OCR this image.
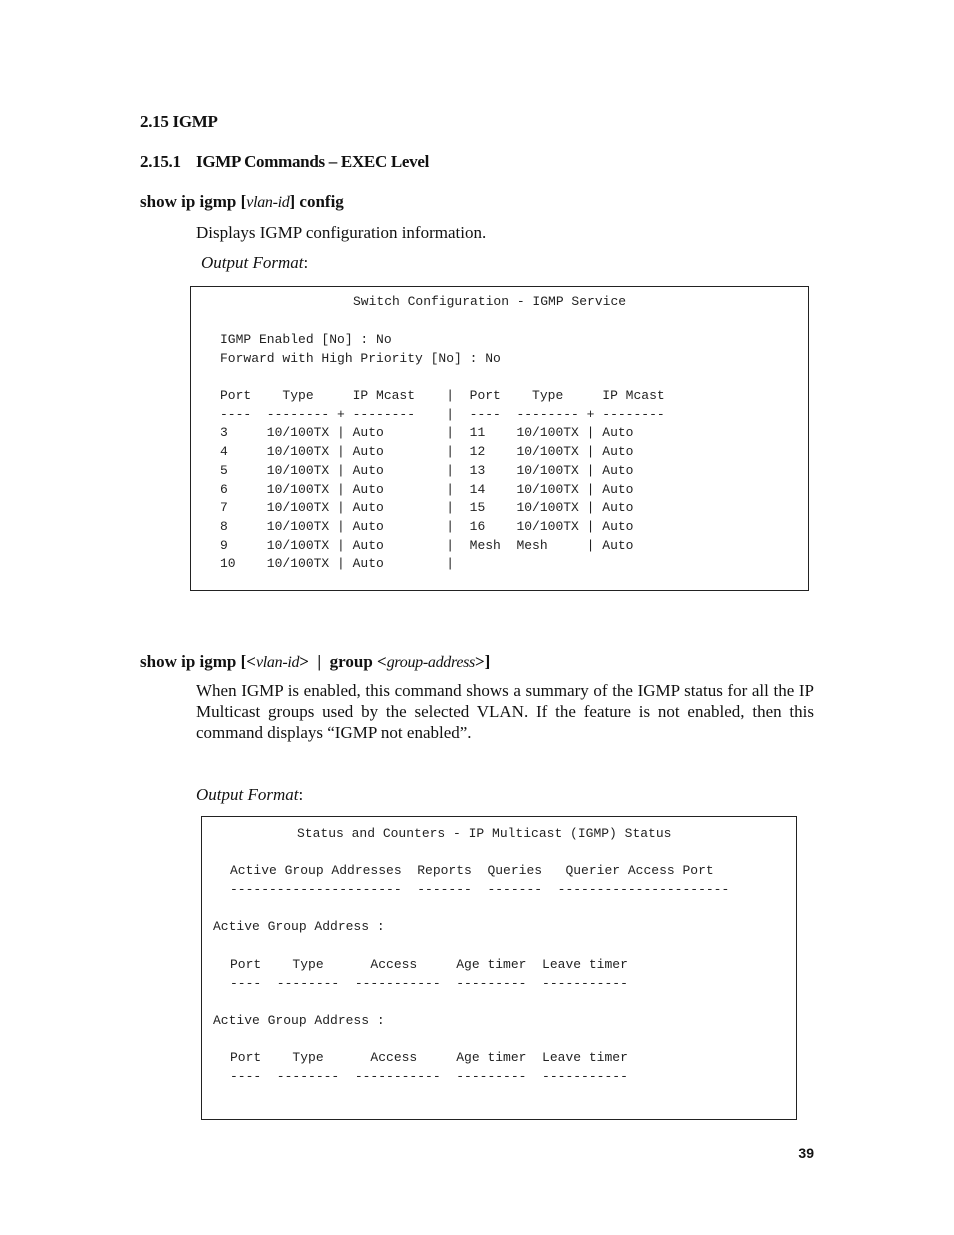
2.15 IGMP
2.15.1 IGMP Commands – EXEC Level
show ip igmp [vlan-id] config
Displays IGMP configuration information.
Output Format:
Switch Configuration - IGMP Service
IGMP Enabled [No] : No
Forward with High Priority [No] : No
Port    Type     IP Mcast    |  Port    Type     IP Mcast
----  -------- + --------    |  ----  -------- + --------
3     10/100TX | Auto        |  11    10/100TX | Auto
4     10/100TX | Auto        |  12    10/100TX | Auto
5     10/100TX | Auto        |  13    10/100TX | Auto
6     10/100TX | Auto        |  14    10/100TX | Auto
7     10/100TX | Auto        |  15    10/100TX | Auto
8     10/100TX | Auto        |  16    10/100TX | Auto
9     10/100TX | Auto        |  Mesh  Mesh     | Auto
10    10/100TX | Auto        |
show ip igmp [<vlan-id>  |  group <group-address>]
When IGMP is enabled, this command shows a summary of the IGMP status for all the IP Multicast groups used by the selected VLAN. If the feature is not enabled, then this command displays “IGMP not enabled”.
Output Format:
Status and Counters - IP Multicast (IGMP) Status
Active Group Addresses  Reports  Queries   Querier Access Port
----------------------  -------  -------  ----------------------
Active Group Address :
Port    Type      Access     Age timer  Leave timer
----  --------  -----------  ---------  -----------
Active Group Address :
Port    Type      Access     Age timer  Leave timer
----  --------  -----------  ---------  -----------
39
